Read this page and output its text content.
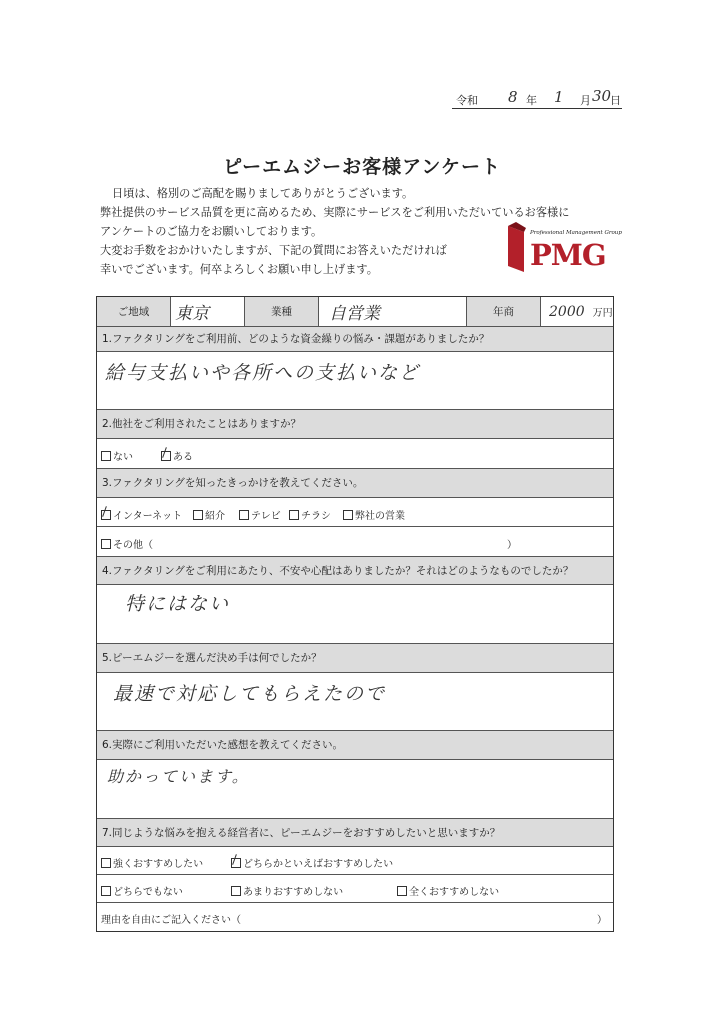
令和 8 年 1 月 30
日
ピーエムジーお客様アンケート
日頃は、格別のご高配を賜りましてありがとうございます。
弊社提供のサービス品質を更に高めるため、実際にサービスをご利用いただいているお客様に
アンケートのご協力をお願いしております。
大変お手数をおかけいたしますが、下記の質問にお答えいただければ
幸いでございます。何卒よろしくお願い申し上げます。
Professional Management Group
PMG
ご地域	東京	業種	自営業	年商	2000 万円
1.ファクタリングをご利用前、どのような資金繰りの悩み・課題がありましたか？
給与支払いや各所への支払いなど
2.他社をご利用されたことはありますか？
ない	ある
3.ファクタリングを知ったきっかけを教えてください。
インターネット	紹介	テレビ	チラシ	弊社の営業
その他（	）
4.ファクタリングをご利用にあたり、不安や心配はありましたか？それはどのようなものでしたか？
特にはない
5.ピーエムジーを選んだ決め手は何でしたか？
最速で対応してもらえたので
6.実際にご利用いただいた感想を教えてください。
助かっています。
7.同じような悩みを抱える経営者に、ピーエムジーをおすすめしたいと思いますか？
強くおすすめしたい	どちらかといえばおすすめしたい
どちらでもない	あまりおすすめしない	全くおすすめしない
理由を自由にご記入ください（	）
